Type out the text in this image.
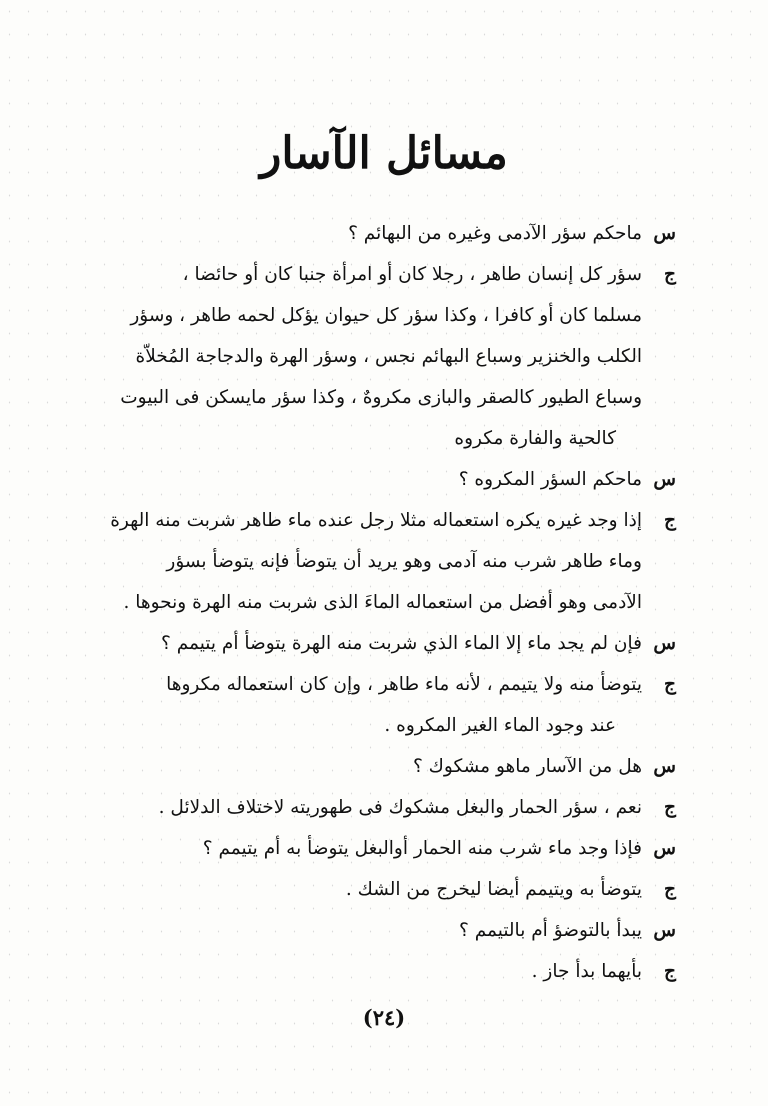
مسائل الآسار
س
ماحكم سؤر الآدمى وغيره من البهائم ؟
ج
سؤر كل إنسان طاهر ، رجلا كان أو امرأة جنبا كان أو حائضا ،
مسلما كان أو كافرا ، وكذا سؤر كل حيوان يؤكل لحمه طاهر ، وسؤر
الكلب والخنزير وسباع البهائم نجس ، وسؤر الهرة والدجاجة المُخلاّة
وسباع الطيور كالصقر والبازى مكروهٌ ، وكذا سؤر مايسكن فى البيوت
كالحية والفارة مكروه
س
ماحكم السؤر المكروه ؟
ج
إذا وجد غيره يكره استعماله مثلا رجل عنده ماء طاهر شربت منه الهرة
وماء طاهر شرب منه آدمى وهو يريد أن يتوضأ فإنه يتوضأ بسؤر
الآدمى وهو أفضل من استعماله الماءَ الذى شربت منه الهرة ونحوها .
س
فإن لم يجد ماء إلا الماء الذي شربت منه الهرة يتوضأ أم يتيمم ؟
ج
يتوضأ منه ولا يتيمم ، لأنه ماء طاهر ، وإن كان استعماله مكروها
عند وجود الماء الغير المكروه .
س
هل من الآسار ماهو مشكوك ؟
ج
نعم ، سؤر الحمار والبغل مشكوك فى طهوريته لاختلاف الدلائل .
س
فإذا وجد ماء شرب منه الحمار أوالبغل يتوضأ به أم يتيمم ؟
ج
يتوضأ به ويتيمم أيضا ليخرج من الشك .
س
يبدأ بالتوضؤ أم بالتيمم ؟
ج
بأيهما بدأ جاز .
(٢٤)
